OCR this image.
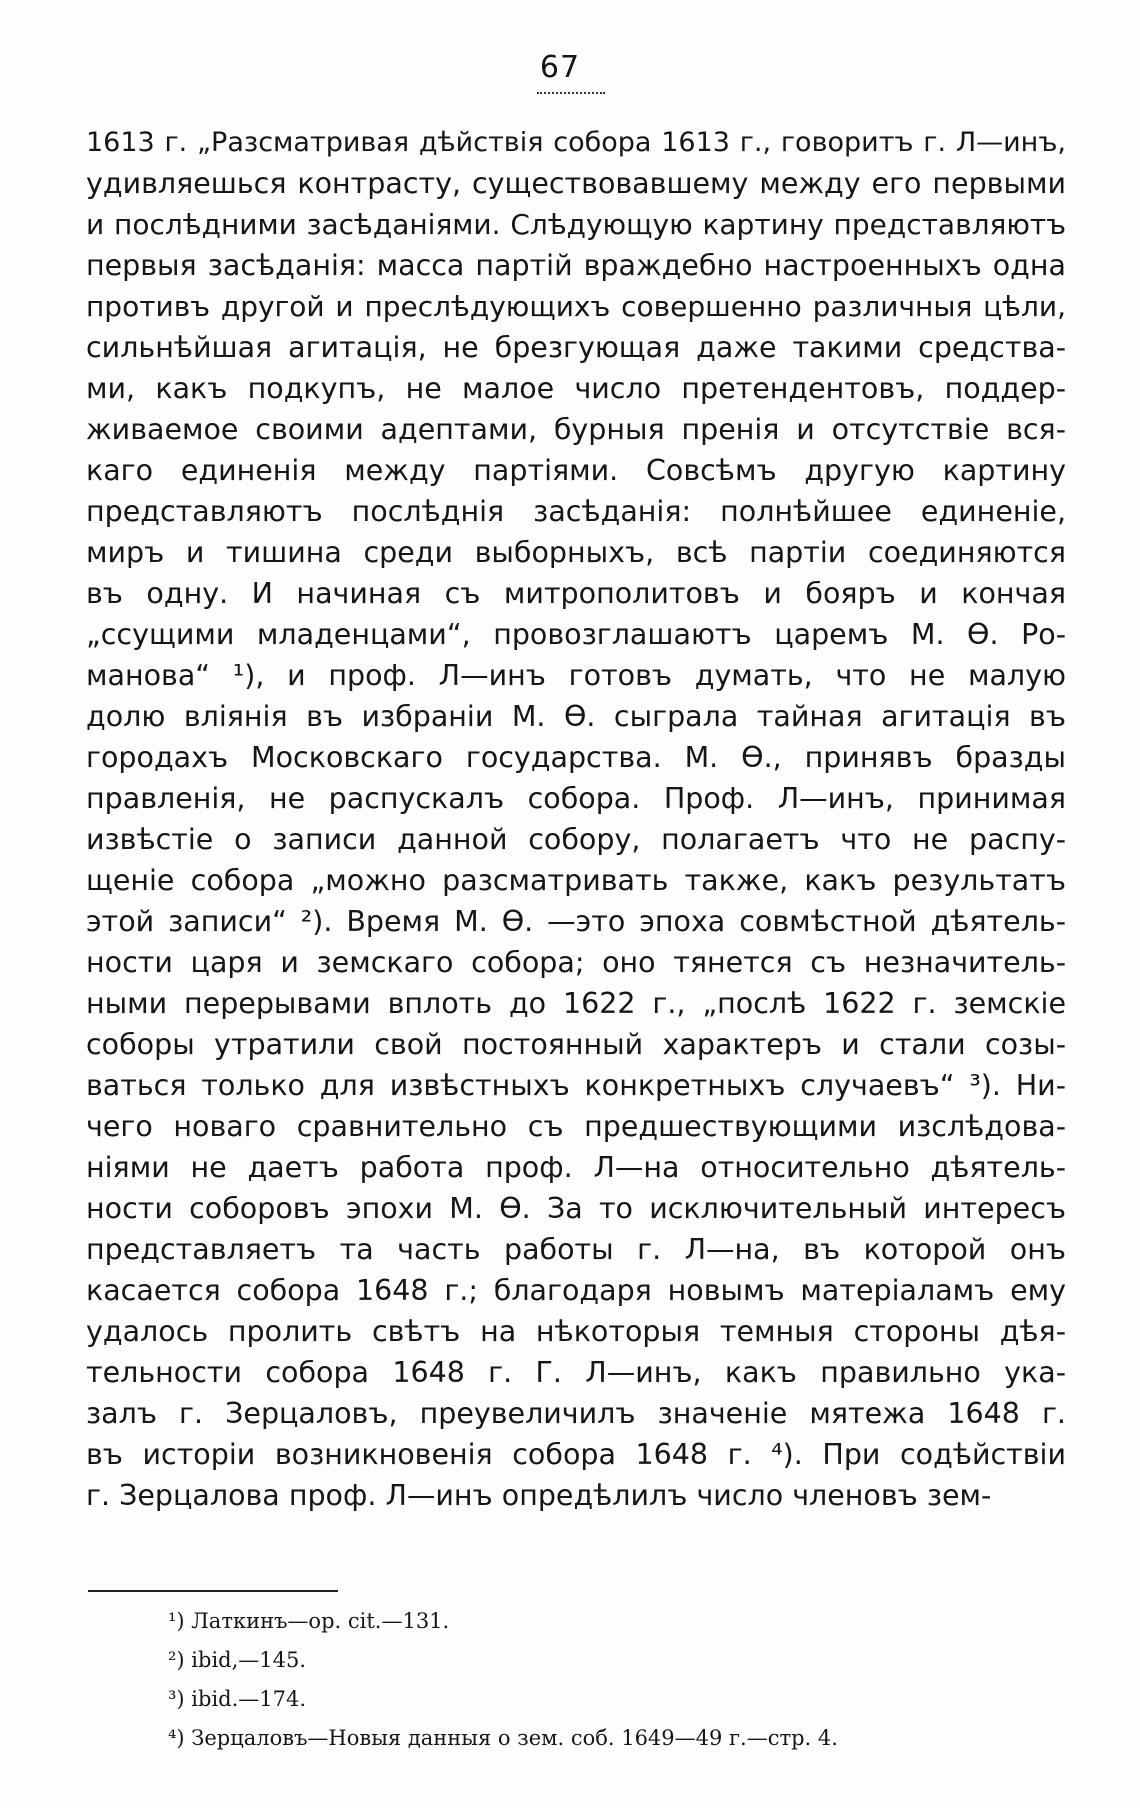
67
1613 г. „Разсматривая дѣйствія собора 1613 г., говоритъ г. Л—инъ,
удивляешься контрасту, существовавшему между его первыми
и послѣдними засѣданіями. Слѣдующую картину представляютъ
первыя засѣданія: масса партій враждебно настроенныхъ одна
противъ другой и преслѣдующихъ совершенно различныя цѣли,
сильнѣйшая агитація, не брезгующая даже такими средства-
ми, какъ подкупъ, не малое число претендентовъ, поддер-
живаемое своими адептами, бурныя пренія и отсутствіе вся-
каго единенія между партіями. Совсѣмъ другую картину
представляютъ послѣднія засѣданія: полнѣйшее единеніе,
миръ и тишина среди выборныхъ, всѣ партіи соединяются
въ одну. И начиная съ митрополитовъ и бояръ и кончая
„ссущими младенцами“, провозглашаютъ царемъ М. Ѳ. Ро-
манова“ ¹), и проф. Л—инъ готовъ думать, что не малую
долю вліянія въ избраніи М. Ѳ. сыграла тайная агитація въ
городахъ Московскаго государства. М. Ѳ., принявъ бразды
правленія, не распускалъ собора. Проф. Л—инъ, принимая
извѣстіе о записи данной собору, полагаетъ что не распу-
щеніе собора „можно разсматривать также, какъ результатъ
этой записи“ ²). Время М. Ѳ. —это эпоха совмѣстной дѣятель-
ности царя и земскаго собора; оно тянется съ незначитель-
ными перерывами вплоть до 1622 г., „послѣ 1622 г. земскіе
соборы утратили свой постоянный характеръ и стали созы-
ваться только для извѣстныхъ конкретныхъ случаевъ“ ³). Ни-
чего новаго сравнительно съ предшествующими изслѣдова-
ніями не даетъ работа проф. Л—на относительно дѣятель-
ности соборовъ эпохи М. Ѳ. За то исключительный интересъ
представляетъ та часть работы г. Л—на, въ которой онъ
касается собора 1648 г.; благодаря новымъ матеріаламъ ему
удалось пролить свѣтъ на нѣкоторыя темныя стороны дѣя-
тельности собора 1648 г. Г. Л—инъ, какъ правильно ука-
залъ г. Зерцаловъ, преувеличилъ значеніе мятежа 1648 г.
въ исторіи возникновенія собора 1648 г. ⁴). При содѣйствіи
г. Зерцалова проф. Л—инъ опредѣлилъ число членовъ зем-
¹) Латкинъ—op. cit.—131.
²) ibid,—145.
³) ibid.—174.
⁴) Зерцаловъ—Новыя данныя о зем. соб. 1649—49 г.—стр. 4.
